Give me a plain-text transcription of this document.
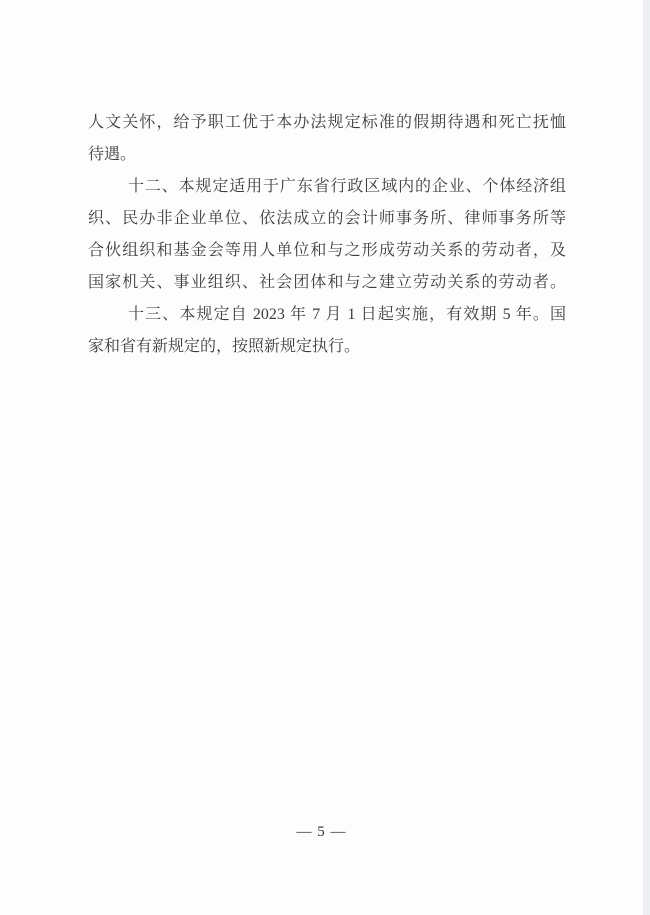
人文关怀，给予职工优于本办法规定标准的假期待遇和死亡抚恤
待遇。
十二、本规定适用于广东省行政区域内的企业、个体经济组
织、民办非企业单位、依法成立的会计师事务所、律师事务所等
合伙组织和基金会等用人单位和与之形成劳动关系的劳动者，及
国家机关、事业组织、社会团体和与之建立劳动关系的劳动者。
十三、本规定自 2023 年 7 月 1 日起实施，有效期 5 年。国
家和省有新规定的，按照新规定执行。
— 5 —
